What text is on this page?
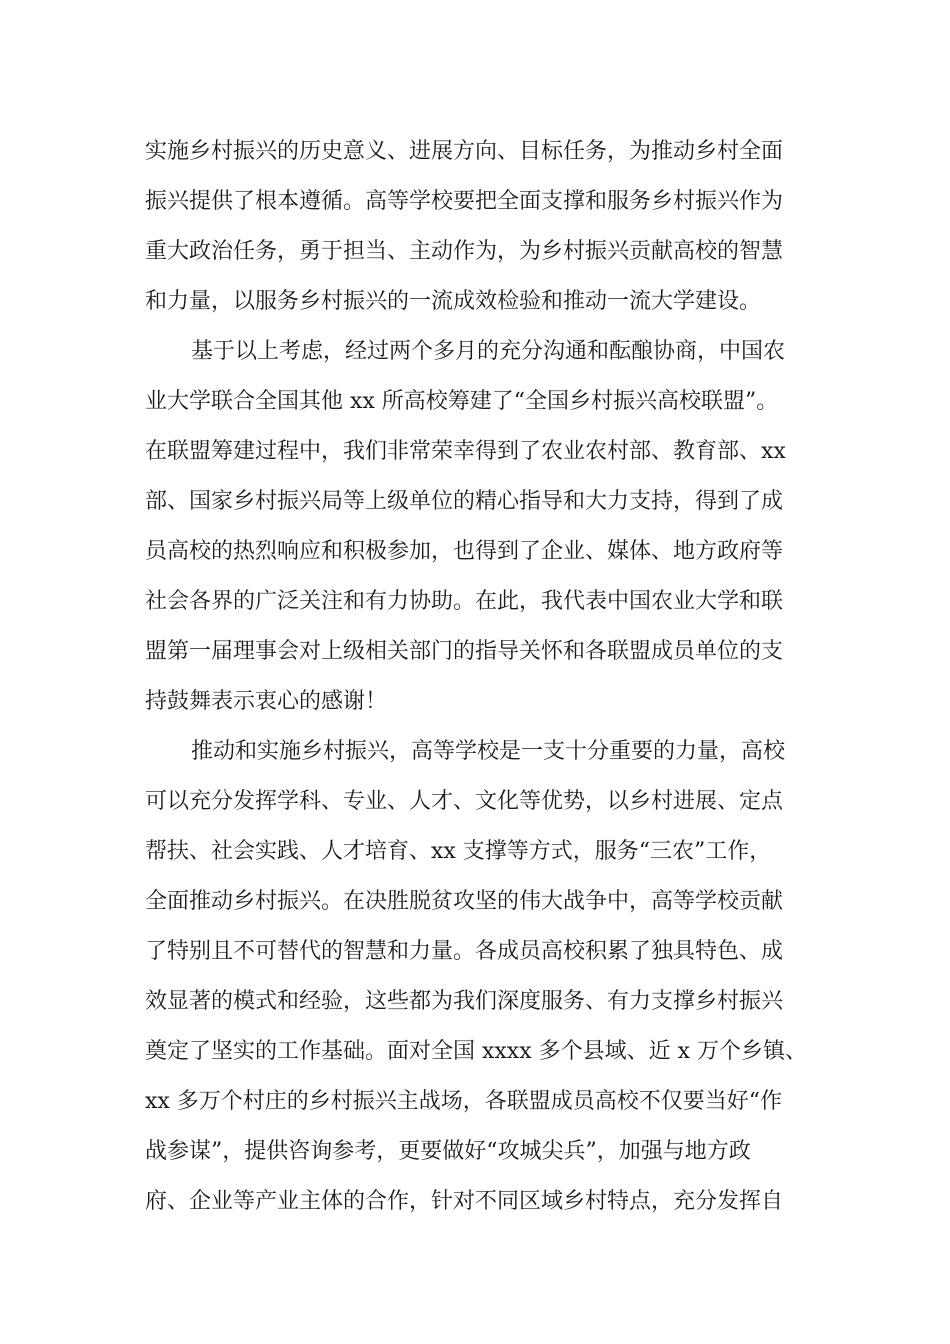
实施乡村振兴的历史意义、进展方向、目标任务，为推动乡村全面
振兴提供了根本遵循。高等学校要把全面支撑和服务乡村振兴作为
重大政治任务，勇于担当、主动作为，为乡村振兴贡献高校的智慧
和力量，以服务乡村振兴的一流成效检验和推动一流大学建设。
基于以上考虑，经过两个多月的充分沟通和酝酿协商，中国农
业大学联合全国其他 xx 所高校筹建了“全国乡村振兴高校联盟”。
在联盟筹建过程中，我们非常荣幸得到了农业农村部、教育部、xx
部、国家乡村振兴局等上级单位的精心指导和大力支持，得到了成
员高校的热烈响应和积极参加，也得到了企业、媒体、地方政府等
社会各界的广泛关注和有力协助。在此，我代表中国农业大学和联
盟第一届理事会对上级相关部门的指导关怀和各联盟成员单位的支
持鼓舞表示衷心的感谢！
推动和实施乡村振兴，高等学校是一支十分重要的力量，高校
可以充分发挥学科、专业、人才、文化等优势，以乡村进展、定点
帮扶、社会实践、人才培育、xx 支撑等方式，服务“三农”工作，
全面推动乡村振兴。在决胜脱贫攻坚的伟大战争中，高等学校贡献
了特别且不可替代的智慧和力量。各成员高校积累了独具特色、成
效显著的模式和经验，这些都为我们深度服务、有力支撑乡村振兴
奠定了坚实的工作基础。面对全国 xxxx 多个县域、近 x 万个乡镇、
xx 多万个村庄的乡村振兴主战场，各联盟成员高校不仅要当好“作
战参谋”，提供咨询参考，更要做好“攻城尖兵”，加强与地方政
府、企业等产业主体的合作，针对不同区域乡村特点，充分发挥自
